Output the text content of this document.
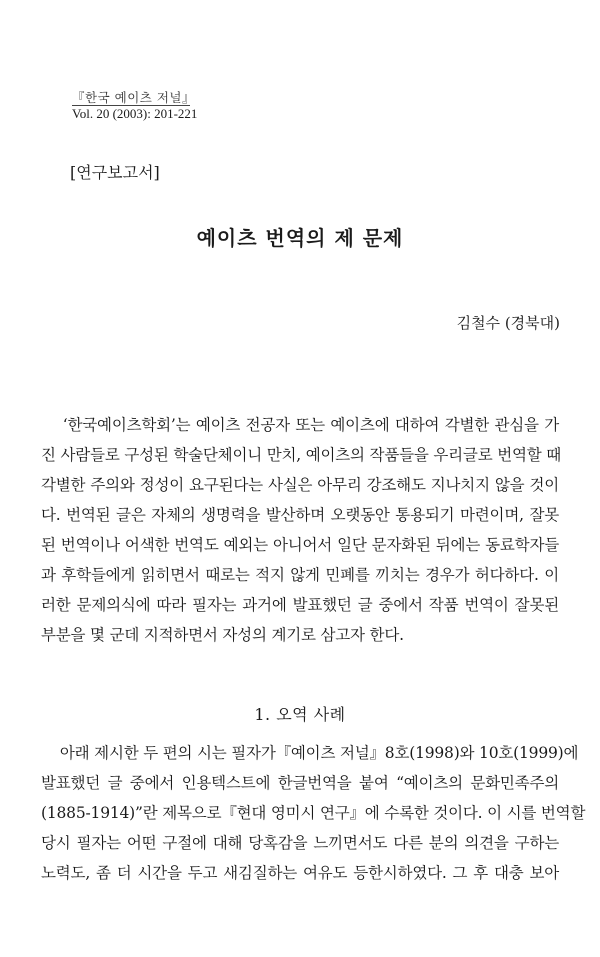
『한국 예이츠 저널』
Vol. 20 (2003): 201-221
[연구보고서]
예이츠 번역의 제 문제
김철수 (경북대)
‘한국예이츠학회’는 예이츠 전공자 또는 예이츠에 대하여 각별한 관심을 가
진 사람들로 구성된 학술단체이니 만치, 예이츠의 작품들을 우리글로 번역할 때
각별한 주의와 정성이 요구된다는 사실은 아무리 강조해도 지나치지 않을 것이
다. 번역된 글은 자체의 생명력을 발산하며 오랫동안 통용되기 마련이며, 잘못
된 번역이나 어색한 번역도 예외는 아니어서 일단 문자화된 뒤에는 동료학자들
과 후학들에게 읽히면서 때로는 적지 않게 민폐를 끼치는 경우가 허다하다. 이
러한 문제의식에 따라 필자는 과거에 발표했던 글 중에서 작품 번역이 잘못된
부분을 몇 군데 지적하면서 자성의 계기로 삼고자 한다.
1. 오역 사례
아래 제시한 두 편의 시는 필자가『예이츠 저널』8호(1998)와 10호(1999)에
발표했던 글 중에서 인용텍스트에 한글번역을 붙여 “예이츠의 문화민족주의
(1885-1914)”란 제목으로『현대 영미시 연구』에 수록한 것이다. 이 시를 번역할
당시 필자는 어떤 구절에 대해 당혹감을 느끼면서도 다른 분의 의견을 구하는
노력도, 좀 더 시간을 두고 새김질하는 여유도 등한시하였다. 그 후 대충 보아
